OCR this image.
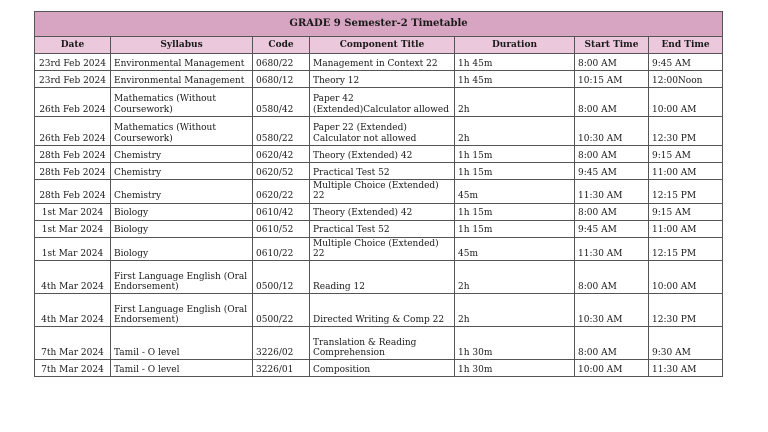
GRADE 9 Semester-2 Timetable						
Date	Syllabus	Code	Component Title	Duration	Start Time	End Time
23rd Feb 2024	Environmental Management	0680/22	Management in Context 22	1h 45m	8:00 AM	9:45 AM
23rd Feb 2024	Environmental Management	0680/12	Theory 12	1h 45m	10:15 AM	12:00Noon
26th Feb 2024	Mathematics (Without Coursework)	0580/42	Paper 42 (Extended)Calculator allowed	2h	8:00 AM	10:00 AM
26th Feb 2024	Mathematics (Without Coursework)	0580/22	Paper 22 (Extended) Calculator not allowed	2h	10:30 AM	12:30 PM
28th Feb 2024	Chemistry	0620/42	Theory (Extended) 42	1h 15m	8:00 AM	9:15 AM
28th Feb 2024	Chemistry	0620/52	Practical Test 52	1h 15m	9:45 AM	11:00 AM
28th Feb 2024	Chemistry	0620/22	Multiple Choice (Extended) 22	45m	11:30 AM	12:15 PM
1st Mar 2024	Biology	0610/42	Theory (Extended) 42	1h 15m	8:00 AM	9:15 AM
1st Mar 2024	Biology	0610/52	Practical Test 52	1h 15m	9:45 AM	11:00 AM
1st Mar 2024	Biology	0610/22	Multiple Choice (Extended) 22	45m	11:30 AM	12:15 PM
4th Mar 2024	First Language English (Oral Endorsement)	0500/12	Reading 12	2h	8:00 AM	10:00 AM
4th Mar 2024	First Language English (Oral Endorsement)	0500/22	Directed Writing & Comp 22	2h	10:30 AM	12:30 PM
7th Mar 2024	Tamil - O level	3226/02	Translation & Reading Comprehension	1h 30m	8:00 AM	9:30 AM
7th Mar 2024	Tamil - O level	3226/01	Composition	1h 30m	10:00 AM	11:30 AM
